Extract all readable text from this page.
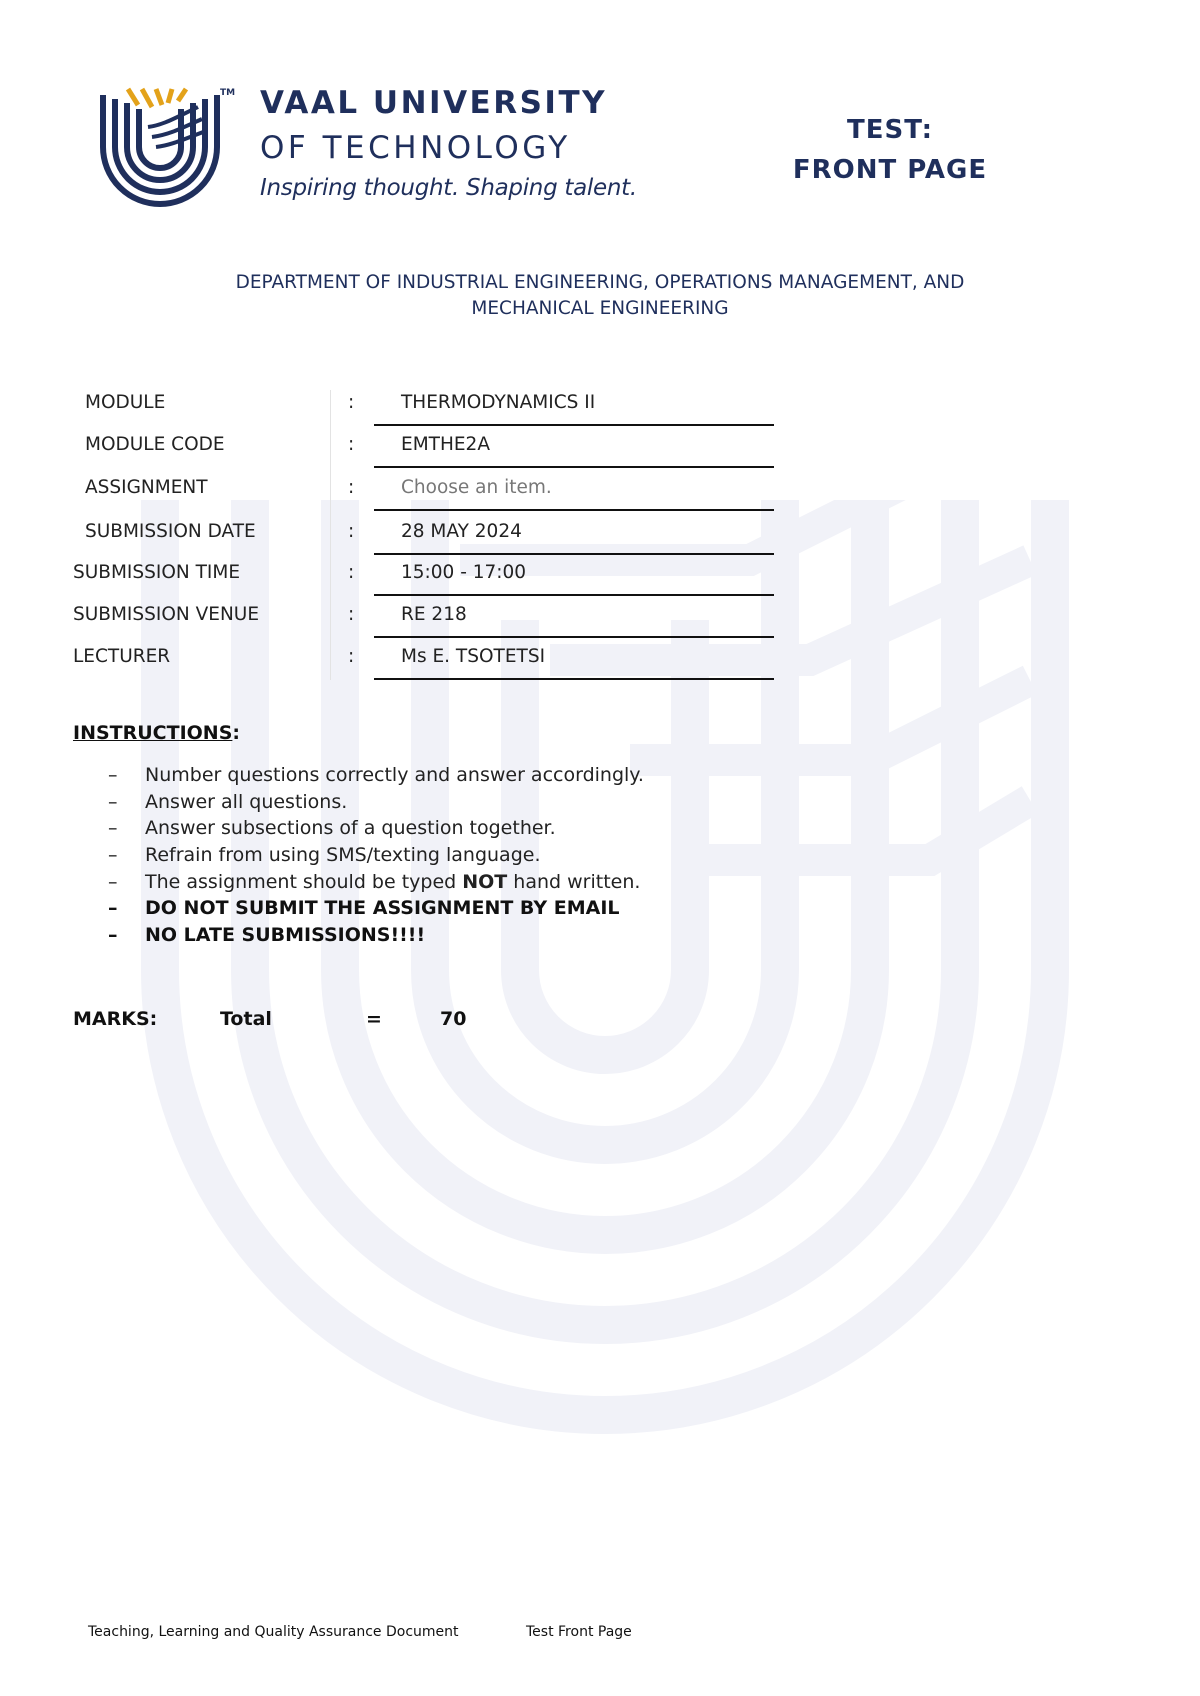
TM VAAL UNIVERSITY
OF TECHNOLOGY
Inspiring thought. Shaping talent.
TEST:
FRONT PAGE
DEPARTMENT OF INDUSTRIAL ENGINEERING, OPERATIONS MANAGEMENT, AND
MECHANICAL ENGINEERING
MODULE	:	THERMODYNAMICS II
MODULE CODE	:	EMTHE2A
ASSIGNMENT	:	Choose an item.
SUBMISSION DATE	:	28 MAY 2024
SUBMISSION TIME	:	15:00 - 17:00
SUBMISSION VENUE	:	RE 218
LECTURER	:	Ms E. TSOTETSI
INSTRUCTIONS:
– Number questions correctly and answer accordingly.
– Answer all questions.
– Answer subsections of a question together.
– Refrain from using SMS/texting language.
– The assignment should be typed NOT hand written.
– DO NOT SUBMIT THE ASSIGNMENT BY EMAIL
– NO LATE SUBMISSIONS!!!!
MARKS:	Total	=	70
Teaching, Learning and Quality Assurance Document	Test Front Page
